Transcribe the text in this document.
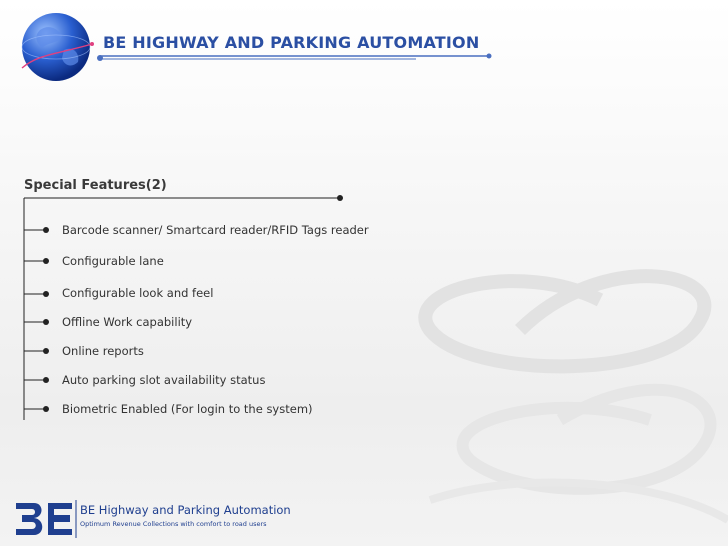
BE HIGHWAY AND PARKING AUTOMATION
Special Features(2)
Barcode scanner/ Smartcard reader/RFID Tags reader
Configurable lane
Configurable look and feel
Offline Work capability
Online reports
Auto parking slot availability status
Biometric Enabled (For login to the system)
BE Highway and Parking Automation
Optimum Revenue Collections with comfort to road users
